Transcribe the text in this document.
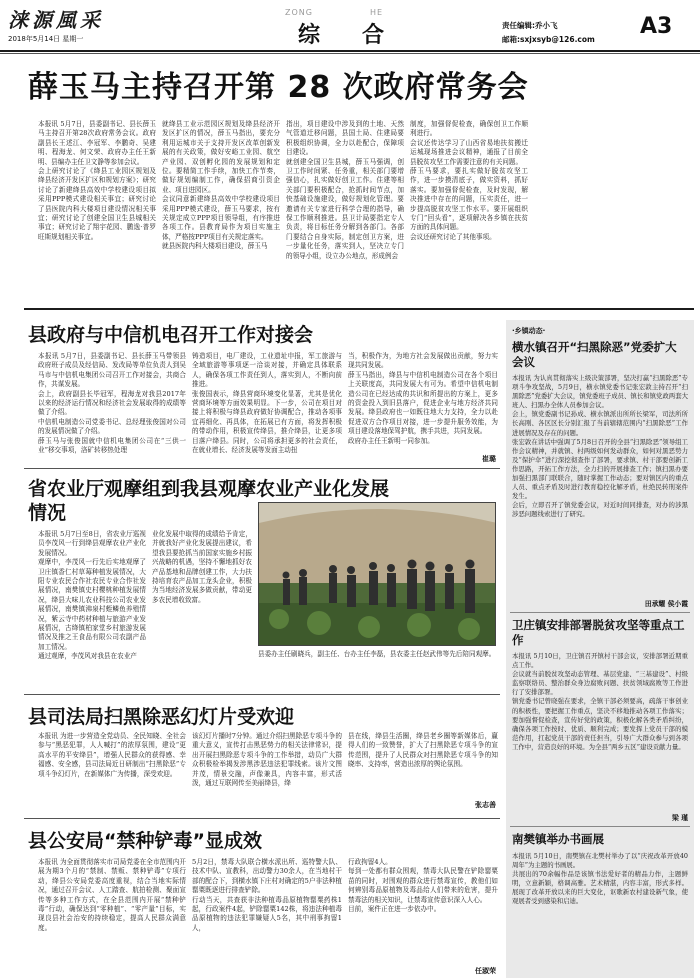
涞源風采
2018年5月14日 星期一
ZONG	HE
综合	责任编辑:乔小飞
邮箱:sxjxsyb@126.com
A3
薛玉马主持召开第 28 次政府常务会
本报讯 5月7日，县委副书记、县长薛玉马主持召开第28次政府常务会议。政府副县长王述江、李冠军、李鹏奇、吴建明、程海龙、何文荣、政府办主任王新明、县编办主任卫文静等参加会议。
会上研究讨论了《绛县工业园区规划及绛县经济开发区扩区和规划方案》；研究讨论了新建绛县高效中学校建设项目拟采用PPP模式建设相关事宜；研究讨论了县医院内科大楼项目建设情况相关事宜；研究讨论了创建全国卫生县城相关事宜；研究讨论了翔宇花园、鹏逸·普罗旺斯规划相关事宜。
就绛县工业示范园区规划及绛县经济开发区扩区的情况，薛玉马指出，要充分利用运城市关于支持开发区改革创新发展的有关政策，做好安峪工业园、航空产业园、双创孵化园的发展规划和定位。要精简工作手续，加快工作节奏，做好规划编制工作，确保招商引资企业、项目进园区。
会议同意新建绛县高效中学校建设项目采用PPP模式建设，薛玉马要求，按有关规定成立PPP项目领导组，有序推进各项工作。县教育局作为项目实施主体，严格按PPP项目有关规定落实。
就县医院内科大楼项目建设，薛玉马
指出，项目建设中涉及到的土地、天然气管道迁移问题，县国土局、住建局要积极组织协调，全力以赴配合，保障项目建设。
就创建全国卫生县城，薛玉马强调，创卫工作时间紧、任务重，相关部门要增强信心，扎实做好创卫工作。住建等相关部门要积极配合，抢抓时间节点，加快基础设施建设，做好规划化管理。要邀请有关专家进行科学合理的指导，确保工作顺利推进。县卫计局要指定专人负责，将目标任务分解到各部门。各部门要结合自身实际，制定创卫方案，进一步量化任务，落实到人，坚决立专门的领导小组，设立办公地点，形成例会
制度，加强督促检查，确保创卫工作顺利进行。
会议还传达学习了山西省易地扶贫搬迁运城现场推进会议精神，通报了目前全县脱贫攻坚工作需要注意的有关问题。
薛玉马要求，要扎实做好脱贫攻坚工作，进一步摸清底子，做实资料，抓好落实。要加强督促检查，及时发现，解决推进中存在的问题，压实责任，进一步提高脱贫攻坚工作水平。要开展组织专门“回头看”，逐项解决各乡镇在扶贫方面的具体问题。
会议还研究讨论了其他事项。
县政府与中信机电召开工作对接会
本报讯 5月7日，县委副书记、县长薛玉马带领县政府班子成员及经信局、发改局等单位负责人到吴马市与中信机电集团公司召开工作对接会，共商合作，共谋发展。
会上，政府副县长毕冠军，程海龙对我县2017年以来的经济运行情况和经济社会发展取得的成绩等做了介绍。
中信机电制造公司党委书记、总经理张俊国对公司的发展情况做了介绍。
薛玉马与张俊国就中信机电集团公司在“三供一业”移交事项，洛矿转移热处理
铸造项目，电厂建设，工业遗址申报，军工旅游与全域旅游等事项逐一洽谈对接，并确定具体联系人，确保各项工作责任到人，落实到人，不断向前推进。
张俊国表示，绛县营商环境变化显著，尤其是优化营商环境等方面效果明显。下一步，公司在项目对接上将积极与绛县政府做好协调配合，推动各项事宜再细化、再具体，在拓展已有方面，将发挥积极的带动作用，积极宣传绛县，推介绛县，让更多项目落户绛县。同时，公司将承担更多的社会责任，在就业增长、经济发展等发面主动扭
当，积极作为，为地方社会发展做出贡献，努力实现共同发展。
薛玉马指出，绛县与中信机电制造公司在各个项目上关联度高，共同发展大有可为。希望中信机电制造公司在已经达成的共识和所提出的方案上，更多的资金投入到旧县落户，促进企业与地方经济共同发展。绛县政府也一如既往地大力支持，全力以赴促进双方合作项目对接，进一步提升服务效能，为项目建设落地保驾护航，携手共进，共同发展。
政府办主任王新明一同参加。
崔璐
省农业厅观摩组到我县观摩农业产业化发展
情况
本报讯 5月7日至8日，省农业厅巡视员李茂风一行到绛县观摩农业产业化发展情况。
观摩中，李茂风一行先后实地观摩了卫庄镇香仁村草莓种植发展情况，大阳专业农民合作社农民专业合作社发展情况，南樊镇史村樱桃种植发展情况，绛县大味儿农业科技公司农业发展情况，南樊镇沸泉村蛭鳞鱼养殖情况，紫云寺中药材种植与旅游产业发展情况，古绛镇柏家堂乡村旅游发展情况及推之王食品有限公司农副产品加工情况。
通过观摩，李茂风对我县在农业产
业化发展中取得的成绩给予肯定，并就我好产业化发展提出建议，希望我县要抢抓当前国家实施乡村振兴战略的机遇，坚持不懈地抓好农产品基地和品牌创建工作，大力扶持培育农产品加工龙头企业，积极为当地经济发展多做贡献，带动更多农民增收致富。
县委办主任刷晓兵，副主任、台办主任李磊，县农委主任赵武伟等先后陪同观摩。
县司法局扫黑除恶幻灯片受欢迎
本报讯 为进一步营造全党动员、全民知晓、全社会参与“黑恶犯罪，人人喊打”的浓厚氛围，建设“更高水平的平安绛县”，增强人民群众的获得感、幸福感、安全感，县司法局近日研制出“扫黑除恶”专项斗争幻灯片，在新媒体广为传播，深受欢迎。
该幻灯片播时7分钟。通过介绍扫黑除恶专项斗争的重大意义，宣传打击黑恶势力的相关法律常识，提出开展扫黑除恶专项斗争的工作举措，动员广大群众积极检举揭发涉黑涉恶违法犯罪线索。该片文图并茂，情景交融，声像兼具，内容丰富，形式活泼，通过互联网传至美丽绛县，绛
县在线，绛县生活圈，绛县老乡圈等新媒体后，赢得人们的一致赞誉，扩大了扫黑除恶专项斗争的宣传范围，提升了人民群众对扫黑除恶专项斗争的知晓率、支持率，营造出浓厚的舆论氛围。
张志善
县公安局“禁种铲毒”显成效
本报讯 为全面贯彻落实市司局党委在全市范围内开展为期3个月的“禁制、禁贩、禁种铲毒”专项行动，绛县公安局党委高度重视，结合当地实际情况，通过召开会议、人工踏查、航拍检测、聚面宣传等多种工作方式，在全县范围内开展“禁种铲毒”行动，确保达到“零种植”、“零产量”目标，实现良县社会治安的持续稳定，提高人民群众满意度。
5月2日，禁毒大队联合横水派出所、巡特警大队、技术中队、宣教科，出动警力30余人，在当地村干部的配合下，到横水镇下庄村对确定的5户非法种植罂粟既逐进行排查铲除。
行动当天，共查获非法种植毒品原植物罂粟药株1起，行政案件4起，铲除罂粟142株，将违法种植毒品原植物的违法犯罪嫌疑人5名，其中刑事拘留1人，
行政拘留4人。
每到一处都有群众围观，禁毒大队民警在铲除罂粟苗的同时，对围观的群众进行禁毒宣传，教他们如何辨别毒品原植物及毒品给人们带来的危害，提升禁毒法的相关知识，让禁毒宣传意识深入人心。
目前，案件正在进一步依办中。
任淑荣
·乡镇动态·
横水镇召开“扫黑除恶”党委扩大会议
本报讯 为认真贯彻落实上级决策部署，坚决打赢“扫黑除恶”专项斗争攻坚战，5月9日，横水镇党委书记张宏敦主持召开“扫黑除恶”党委扩大会议，镇党委班子成员、镇长和镇党政两套大班人、扫黑办全体人员参加会议。
会上，镇党委副书记孙成、横水镇派出所所长梁军，司法所所长高刚、各区区长分别汇报了当前辖辖范围内“扫黑除恶”工作进展情况及存在的问题。
张宏敦在讲话中强调了5月8日召开的全县“扫黑除恶”领导组工作会议精神，并就镇、村两级如何发动群众，如何对黑恶势力及“保护伞”进行深挖彻查作了部署，要求镇、村干部要创新工作思路，开拓工作方法，全力扫的开展排查工作；镇扫黑办要加强扫黑部门联联合，随时掌握工作动态；要对镇区内的重点人员、重点矛盾及时进行教育稳控化解矛盾，杜绝民转刑案件发生。
会后，立即召开了镇党委会议，对近时间同排查，对办的涉黑涉恶问题线索进行了研究。
田承耀 侯小霞
卫庄镇安排部署脱贫攻坚等重点工作
本报讯 5月10日，卫庄镇召开镇村干部会议，安排部署近期重点工作。
会议就当前脱贫攻坚动态管理、基层党建、“三基建设”、村级监察联络员、整治群众身边腐败问题、扶贫领域腐败等工作进行了安排部署。
镇党委书记曾晓强在要求，全镇干部必须要高，疏落干事创业的积极性，要把握工作重点，坚决不移地推动各项工作落实；要加强督促检查，宣传好党的政策，积极化解各类矛盾纠纷，确保各项工作按时、优质、顺利完成；要发挥上党员干部的模范作用，扛起党员干部的责任担当，引导广大群众参与到各项工作中，营造良好的环境。为全县“两乡五区”建设贡献力量。
梁 瑾
南樊镇举办书画展
本报讯 5月10日，南樊镇在北樊村举办了以“庆祝改革开放40周年”为主题的书画展。
共展出的70余幅作品是该镇书法爱好者的精品力作，主题鲜明，立意新颖，格调高雅。艺术精湛，内容丰富，形式多样。展现了改革开放以来的巨大变化，讴歌新农村建设新气象，使观展者受到感染和启迪。
